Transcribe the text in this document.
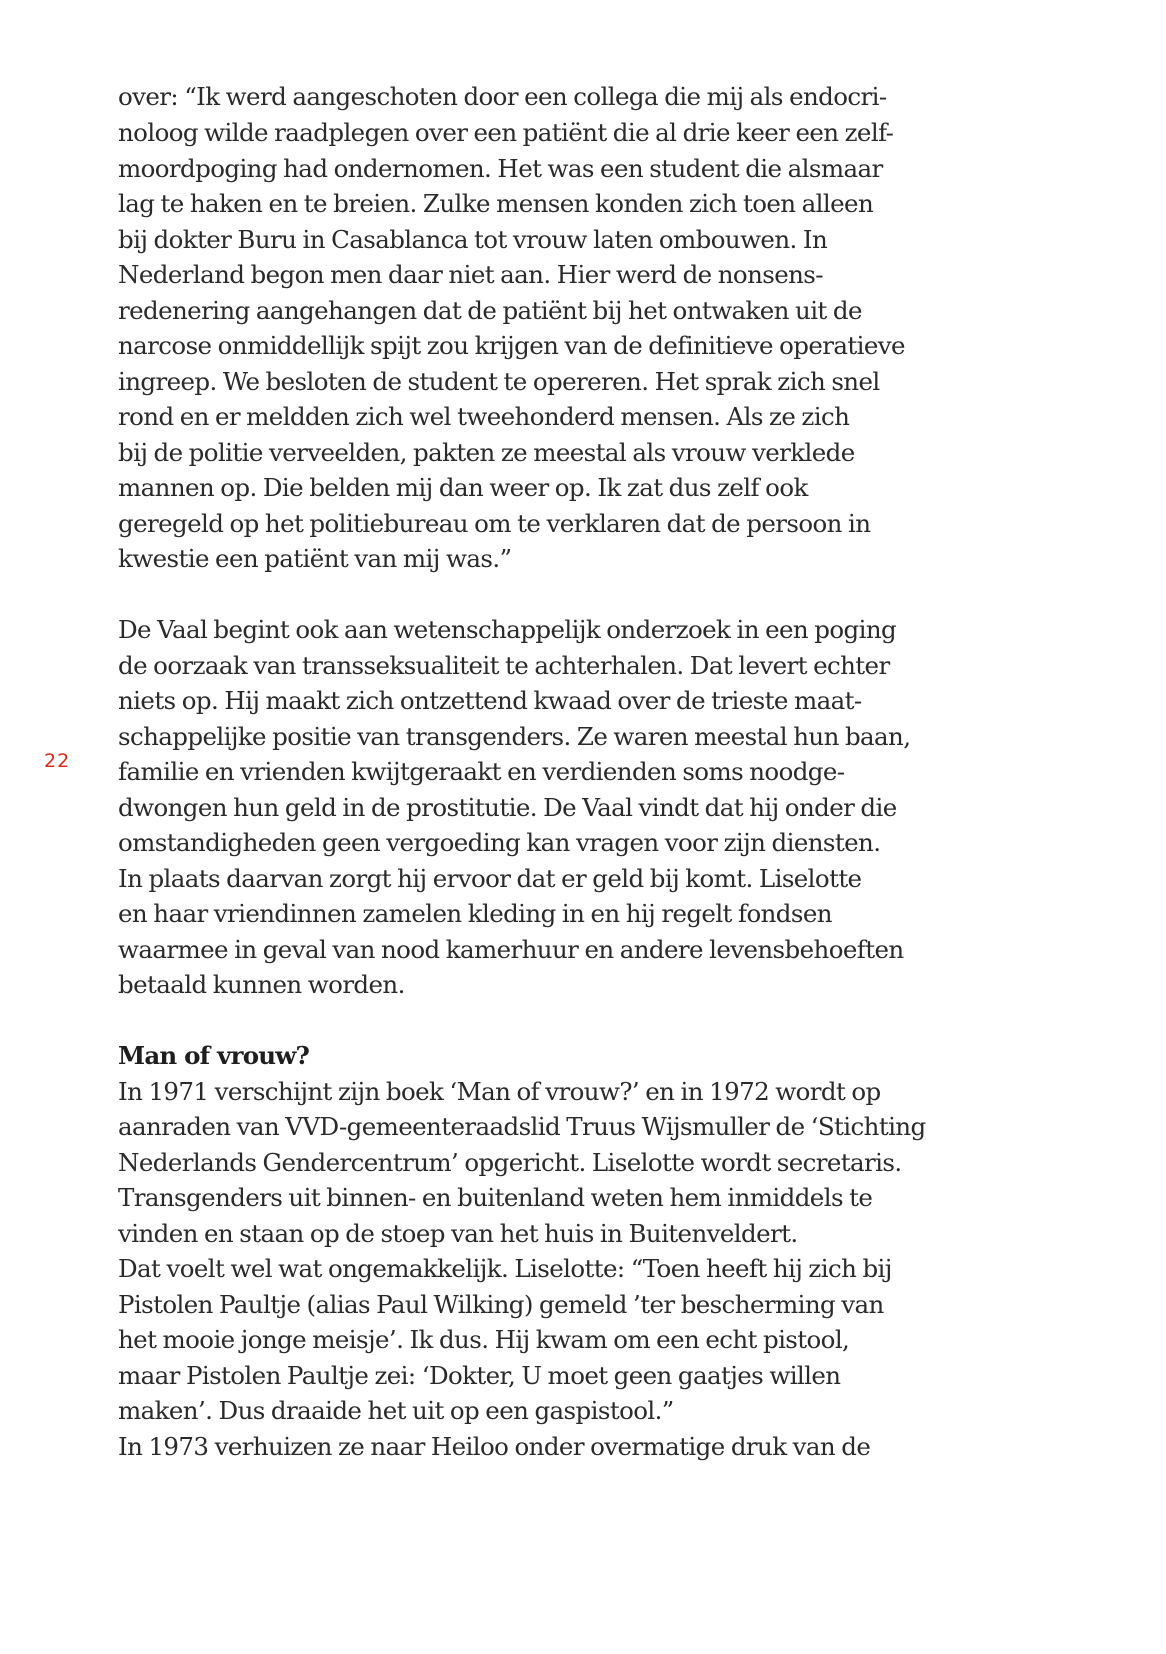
over: “Ik werd aangeschoten door een collega die mij als endocri-
noloog wilde raadplegen over een patiënt die al drie keer een zelf-
moordpoging had ondernomen. Het was een student die alsmaar
lag te haken en te breien. Zulke mensen konden zich toen alleen
bij dokter Buru in Casablanca tot vrouw laten ombouwen. In
Nederland begon men daar niet aan. Hier werd de nonsens-
redenering aangehangen dat de patiënt bij het ontwaken uit de
narcose onmiddellijk spijt zou krijgen van de definitieve operatieve
ingreep. We besloten de student te opereren. Het sprak zich snel
rond en er meldden zich wel tweehonderd mensen. Als ze zich
bij de politie verveelden, pakten ze meestal als vrouw verklede
mannen op. Die belden mij dan weer op. Ik zat dus zelf ook
geregeld op het politiebureau om te verklaren dat de persoon in
kwestie een patiënt van mij was.”
22
De Vaal begint ook aan wetenschappelijk onderzoek in een poging
de oorzaak van transseksualiteit te achterhalen. Dat levert echter
niets op. Hij maakt zich ontzettend kwaad over de trieste maat-
schappelijke positie van transgenders. Ze waren meestal hun baan,
familie en vrienden kwijtgeraakt en verdienden soms noodge-
dwongen hun geld in de prostitutie. De Vaal vindt dat hij onder die
omstandigheden geen vergoeding kan vragen voor zijn diensten.
In plaats daarvan zorgt hij ervoor dat er geld bij komt. Liselotte
en haar vriendinnen zamelen kleding in en hij regelt fondsen
waarmee in geval van nood kamerhuur en andere levensbehoeften
betaald kunnen worden.
Man of vrouw?
In 1971 verschijnt zijn boek ‘Man of vrouw?’ en in 1972 wordt op
aanraden van VVD-gemeenteraadslid Truus Wijsmuller de ‘Stichting
Nederlands Gendercentrum’ opgericht. Liselotte wordt secretaris.
Transgenders uit binnen- en buitenland weten hem inmiddels te
vinden en staan op de stoep van het huis in Buitenveldert.
Dat voelt wel wat ongemakkelijk. Liselotte: “Toen heeft hij zich bij
Pistolen Paultje (alias Paul Wilking) gemeld ’ter bescherming van
het mooie jonge meisje’. Ik dus. Hij kwam om een echt pistool,
maar Pistolen Paultje zei: ‘Dokter, U moet geen gaatjes willen
maken’. Dus draaide het uit op een gaspistool.”
In 1973 verhuizen ze naar Heiloo onder overmatige druk van de
